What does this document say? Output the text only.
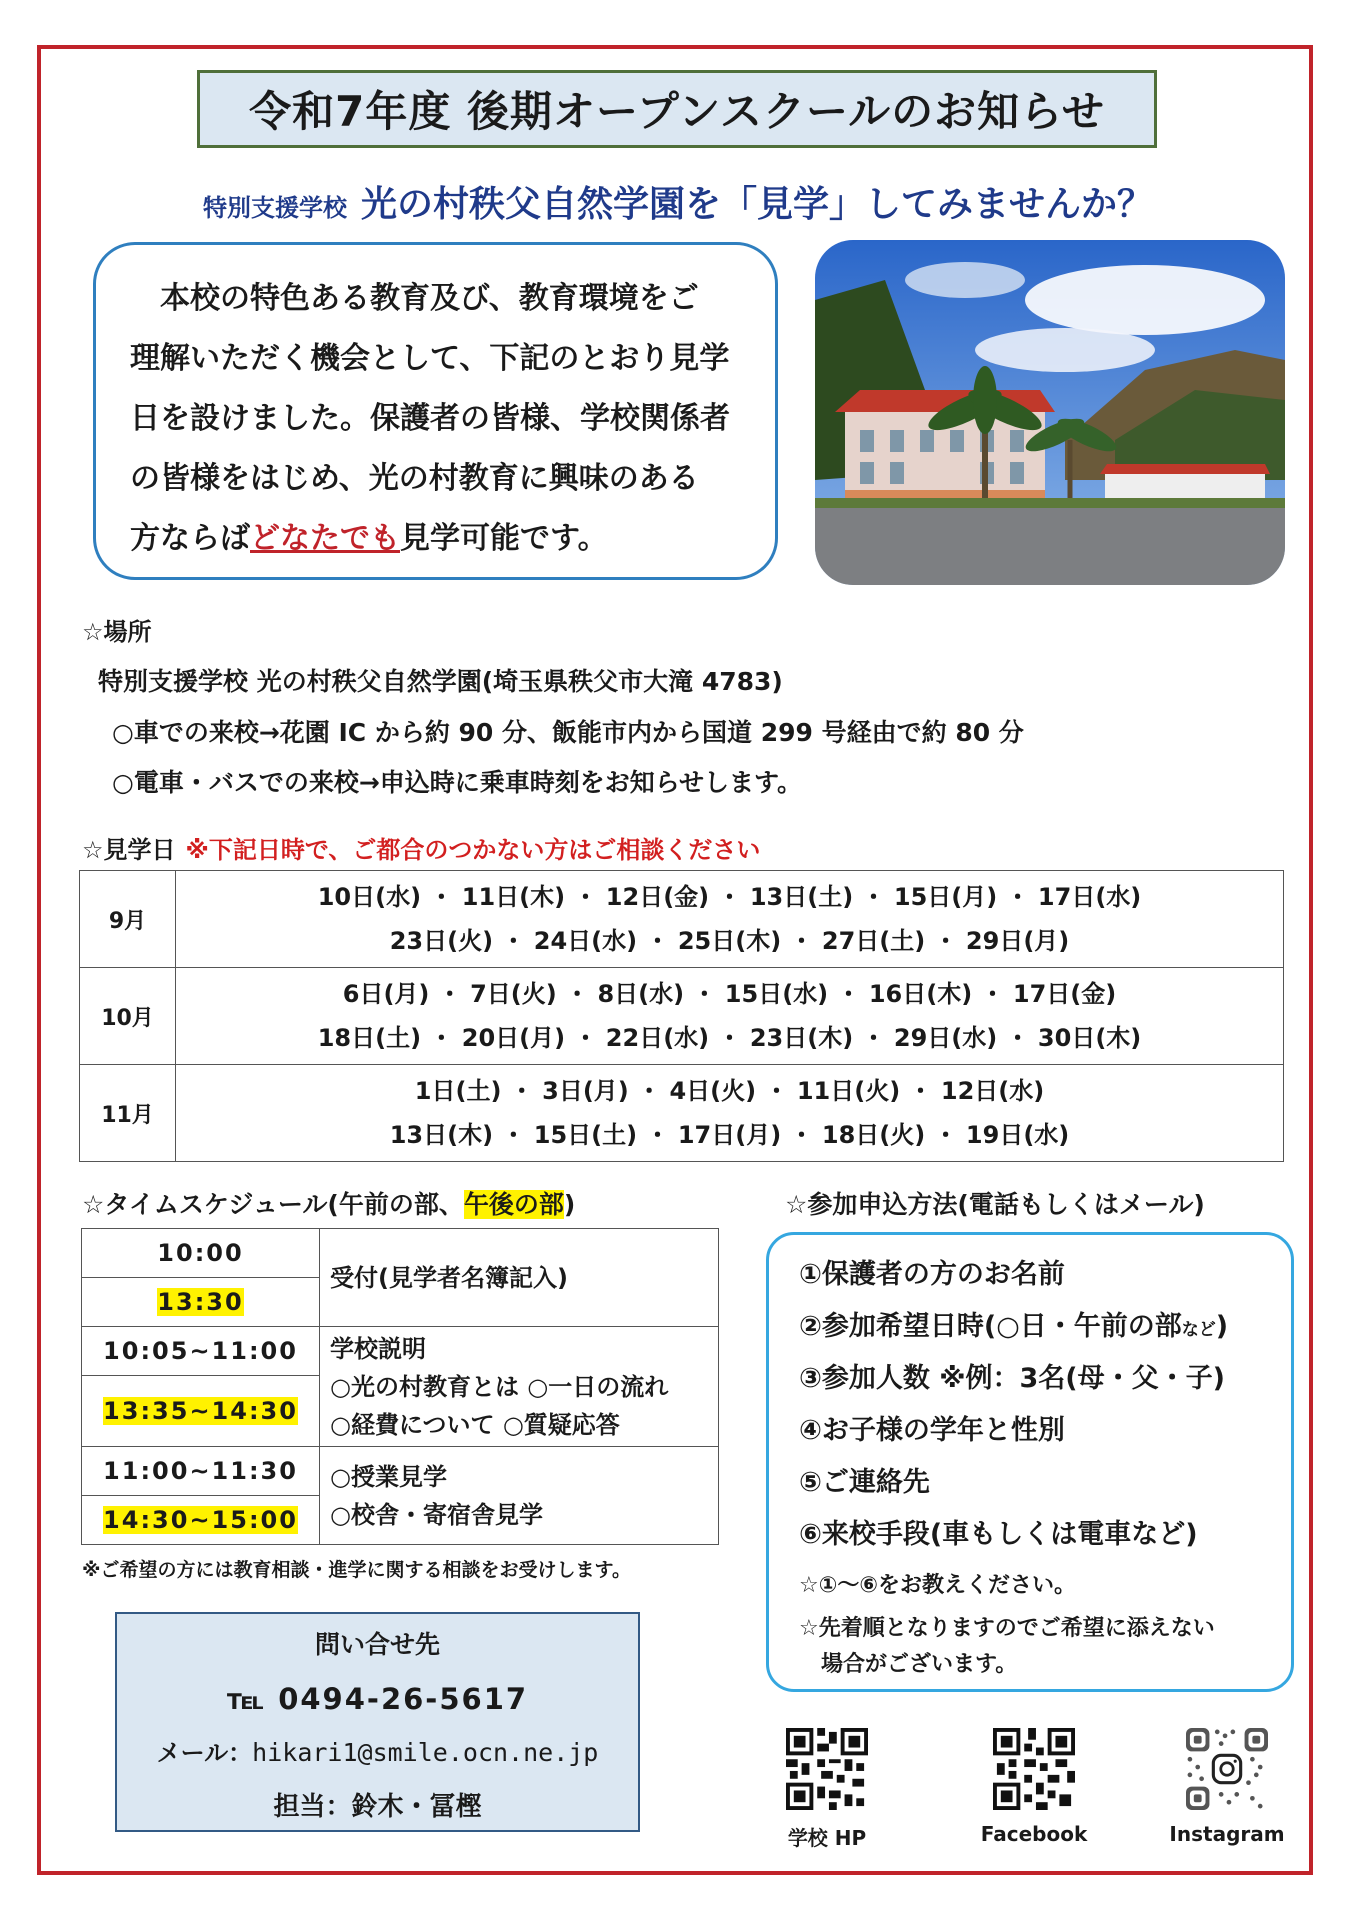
令和7年度 後期オープンスクールのお知らせ
特別支援学校 光の村秩父自然学園を「見学」してみませんか？
　本校の特色ある教育及び、教育環境をご
理解いただく機会として、下記のとおり見学
日を設けました。保護者の皆様、学校関係者
の皆様をはじめ、光の村教育に興味のある
方ならばどなたでも見学可能です。
☆場所
特別支援学校 光の村秩父自然学園(埼玉県秩父市大滝 4783)
○車での来校→花園 IC から約 90 分、飯能市内から国道 299 号経由で約 80 分
○電車・バスでの来校→申込時に乗車時刻をお知らせします。
☆見学日 ※下記日時で、ご都合のつかない方はご相談ください
9月	10日(水) ・ 11日(木) ・ 12日(金) ・ 13日(土) ・ 15日(月) ・ 17日(水)
23日(火) ・ 24日(水) ・ 25日(木) ・ 27日(土) ・ 29日(月)

10月	6日(月) ・ 7日(火) ・ 8日(水) ・ 15日(水) ・ 16日(木) ・ 17日(金)
18日(土) ・ 20日(月) ・ 22日(水) ・ 23日(木) ・ 29日(水) ・ 30日(木)

11月	1日(土) ・ 3日(月) ・ 4日(火) ・ 11日(火) ・ 12日(水)
13日(木) ・ 15日(土) ・ 17日(月) ・ 18日(火) ・ 19日(水)
☆タイムスケジュール(午前の部、午後の部)
10:00	受付(見学者名簿記入)

13:30	
10:05~11:00	学校説明
○光の村教育とは ○一日の流れ
○経費について ○質疑応答

13:35~14:30	
11:00~11:30	○授業見学
○校舎・寄宿舎見学

14:30~15:00	
※ご希望の方には教育相談・進学に関する相談をお受けします。
問い合せ先
℡ 0494-26-5617
メール：hikari1@smile.ocn.ne.jp
担当：鈴木・冨樫
☆参加申込方法(電話もしくはメール)
①保護者の方のお名前
②参加希望日時(○日・午前の部など)
③参加人数 ※例：3名(母・父・子)
④お子様の学年と性別
⑤ご連絡先
⑥来校手段(車もしくは電車など)
☆①～⑥をお教えください。
☆先着順となりますのでご希望に添えない
　場合がございます。
学校 HP	Facebook	Instagram
